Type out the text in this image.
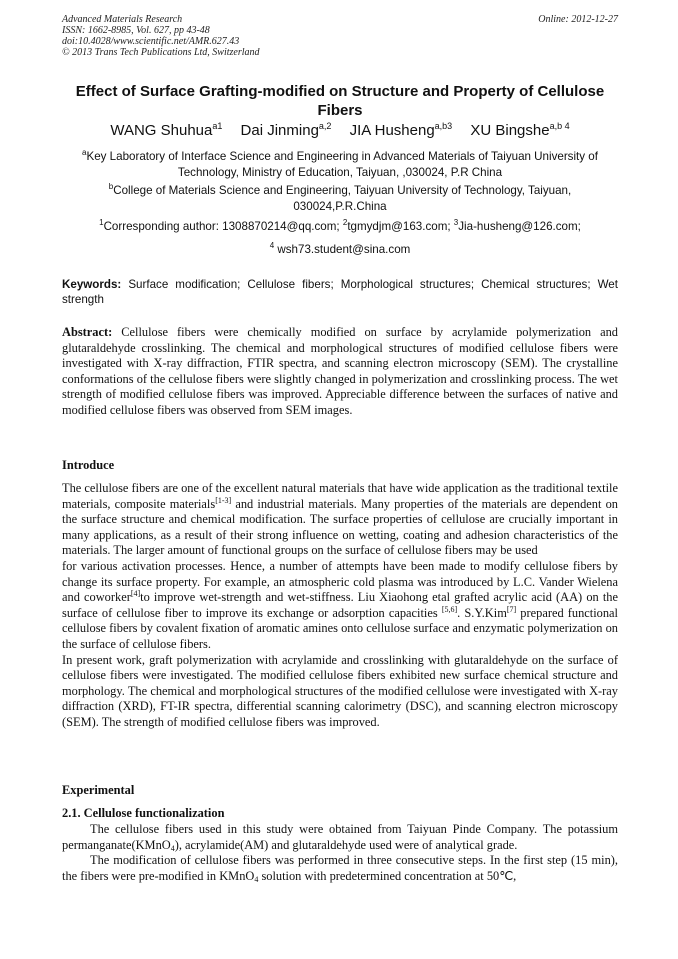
Advanced Materials Research
ISSN: 1662-8985, Vol. 627, pp 43-48
doi:10.4028/www.scientific.net/AMR.627.43
© 2013 Trans Tech Publications Ltd, Switzerland
Online: 2012-12-27
Effect of Surface Grafting-modified on Structure and Property of Cellulose Fibers
WANG Shuhua$^{a1}$ Dai Jinming$^{a,2}$ JIA Husheng$^{a,b3}$ XU Bingshe$^{a,b 4}$
$^a$Key Laboratory of Interface Science and Engineering in Advanced Materials of Taiyuan University of Technology, Ministry of Education, Taiyuan, ,030024, P.R China
$^b$College of Materials Science and Engineering, Taiyuan University of Technology, Taiyuan, 030024,P.R.China
$^1$Corresponding author: 1308870214@qq.com; $^2$tgmydjm@163.com; $^3$Jia-husheng@126.com;
$^4$ wsh73.student@sina.com
Keywords: Surface modification; Cellulose fibers; Morphological structures; Chemical structures; Wet strength

Abstract: Cellulose fibers were chemically modified on surface by acrylamide polymerization and glutaraldehyde crosslinking. The chemical and morphological structures of modified cellulose fibers were investigated with X-ray diffraction, FTIR spectra, and scanning electron microscopy (SEM). The crystalline conformations of the cellulose fibers were slightly changed in polymerization and crosslinking process. The wet strength of modified cellulose fibers was improved. Appreciable difference between the surfaces of native and modified cellulose fibers was observed from SEM images.

Introduce

The cellulose fibers are one of the excellent natural materials that have wide application as the traditional textile materials, composite materials[1-3] and industrial materials. Many properties of the materials are dependent on the surface structure and chemical modification. The surface properties of cellulose are crucially important in many applications, as a result of their strong influence on wetting, coating and adhesion characteristics of the materials. The larger amount of functional groups on the surface of cellulose fibers may be used

for various activation processes. Hence, a number of attempts have been made to modify cellulose fibers by change its surface property. For example, an atmospheric cold plasma was introduced by L.C. Vander Wielena and coworker[4]to improve wet-strength and wet-stiffness. Liu Xiaohong etal grafted acrylic acid (AA) on the surface of cellulose fiber to improve its exchange or adsorption capacities [5,6]. S.Y.Kim[7] prepared functional cellulose fibers by covalent fixation of aromatic amines onto cellulose surface and enzymatic polymerization on the surface of cellulose fibers.

In present work, graft polymerization with acrylamide and crosslinking with glutaraldehyde on the surface of cellulose fibers were investigated. The modified cellulose fibers exhibited new surface chemical structure and morphology. The chemical and morphological structures of the modified cellulose were investigated with X-ray diffraction (XRD), FT-IR spectra, differential scanning calorimetry (DSC), and scanning electron microscopy (SEM). The strength of modified cellulose fibers was improved.

Experimental
2.1. Cellulose functionalization

The cellulose fibers used in this study were obtained from Taiyuan Pinde Company. The potassium permanganate(KMnO$_4$), acrylamide(AM) and glutaraldehyde used were of analytical grade.

The modification of cellulose fibers was performed in three consecutive steps. In the first step (15 min), the fibers were pre-modified in KMnO$_4$ solution with predetermined concentration at 50℃,
